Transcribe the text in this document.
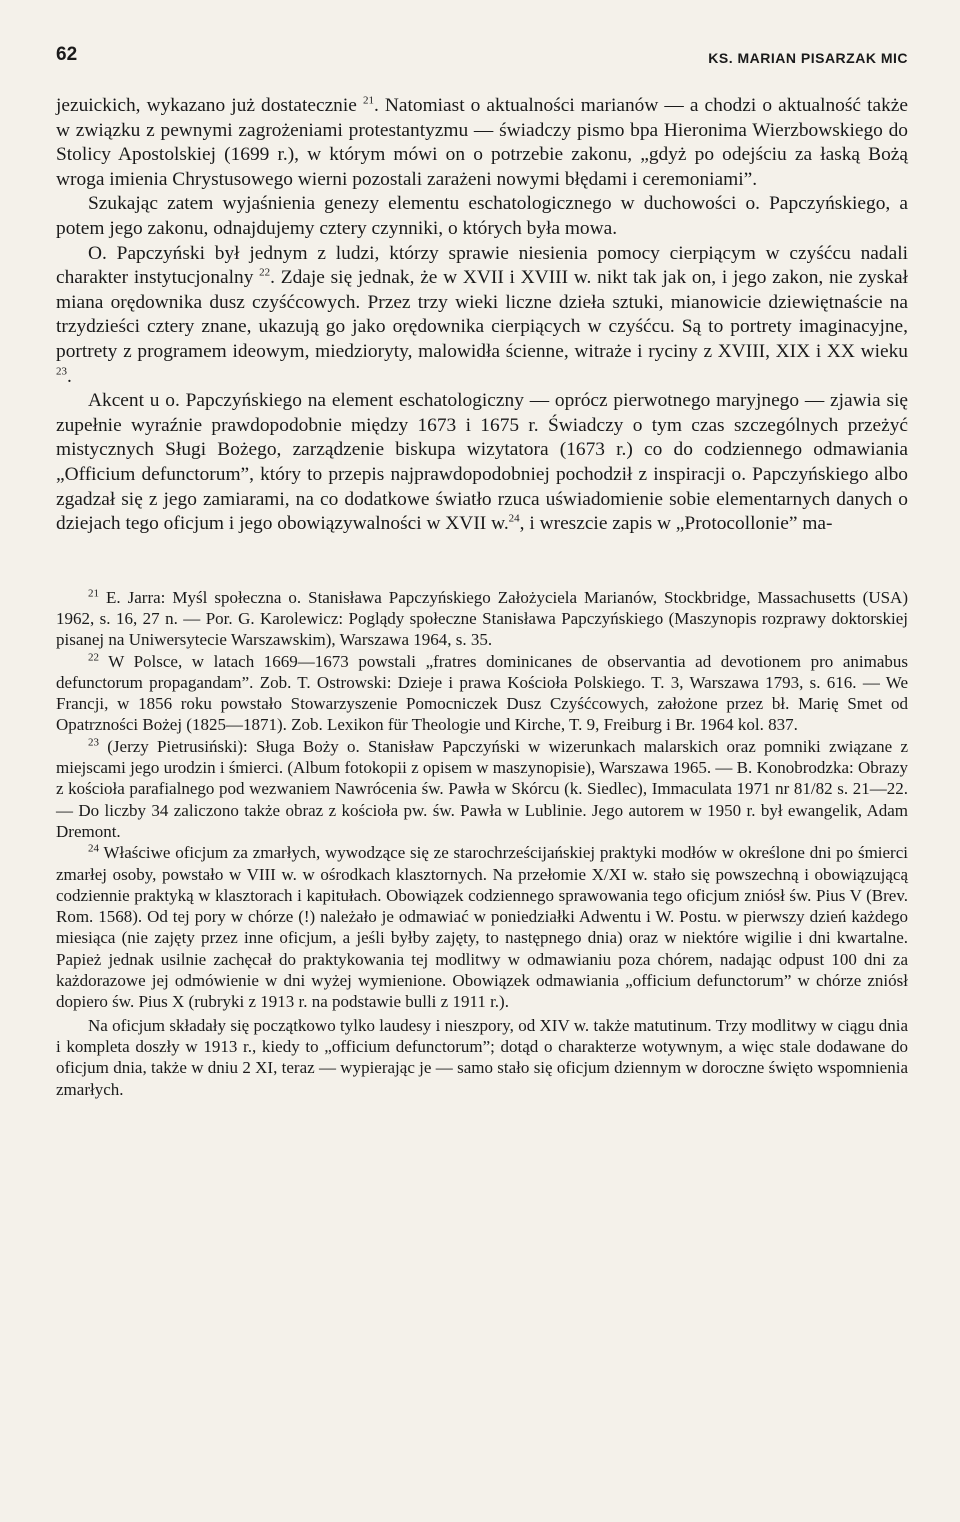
62	KS. MARIAN PISARZAK MIC

jezuickich, wykazano już dostatecznie $^{21}$. Natomiast o aktualności marianów — a chodzi o aktualność także w związku z pewnymi zagrożeniami protestantyzmu — świadczy pismo bpa Hieronima Wierzbowskiego do Stolicy Apostolskiej (1699 r.), w którym mówi on o potrzebie zakonu, „gdyż po odejściu za łaską Bożą wroga imienia Chrystusowego wierni pozostali zarażeni nowymi błędami i ceremoniami”.

Szukając zatem wyjaśnienia genezy elementu eschatologicznego w duchowości o. Papczyńskiego, a potem jego zakonu, odnajdujemy cztery czynniki, o których była mowa.

O. Papczyński był jednym z ludzi, którzy sprawie niesienia pomocy cierpiącym w czyśćcu nadali charakter instytucjonalny $^{22}$. Zdaje się jednak, że w XVII i XVIII w. nikt tak jak on, i jego zakon, nie zyskał miana orędownika dusz czyśćcowych. Przez trzy wieki liczne dzieła sztuki, mianowicie dziewiętnaście na trzydzieści cztery znane, ukazują go jako orędownika cierpiących w czyśćcu. Są to portrety imaginacyjne, portrety z programem ideowym, miedzioryty, malowidła ścienne, witraże i ryciny z XVIII, XIX i XX wieku $^{23}$.

Akcent u o. Papczyńskiego na element eschatologiczny — oprócz pierwotnego maryjnego — zjawia się zupełnie wyraźnie prawdopodobnie między 1673 i 1675 r. Świadczy o tym czas szczególnych przeżyć mistycznych Sługi Bożego, zarządzenie biskupa wizytatora (1673 r.) co do codziennego odmawiania „Officium defunctorum”, który to przepis najprawdopodobniej pochodził z inspiracji o. Papczyńskiego albo zgadzał się z jego zamiarami, na co dodatkowe światło rzuca uświadomienie sobie elementarnych danych o dziejach tego oficjum i jego obowiązywalności w XVII w.$^{24}$, i wreszcie zapis w „Protocollonie” ma-

$^{21}$ E. Jarra: Myśl społeczna o. Stanisława Papczyńskiego Założyciela Marianów, Stockbridge, Massachusetts (USA) 1962, s. 16, 27 n. — Por. G. Karolewicz: Poglądy społeczne Stanisława Papczyńskiego (Maszynopis rozprawy doktorskiej pisanej na Uniwersytecie Warszawskim), Warszawa 1964, s. 35.

$^{22}$ W Polsce, w latach 1669—1673 powstali „fratres dominicanes de observantia ad devotionem pro animabus defunctorum propagandam”. Zob. T. Ostrowski: Dzieje i prawa Kościoła Polskiego. T. 3, Warszawa 1793, s. 616. — We Francji, w 1856 roku powstało Stowarzyszenie Pomocniczek Dusz Czyśćcowych, założone przez bł. Marię Smet od Opatrzności Bożej (1825—1871). Zob. Lexikon für Theologie und Kirche, T. 9, Freiburg i Br. 1964 kol. 837.

$^{23}$ (Jerzy Pietrusiński): Sługa Boży o. Stanisław Papczyński w wizerunkach malarskich oraz pomniki związane z miejscami jego urodzin i śmierci. (Album fotokopii z opisem w maszynopisie), Warszawa 1965. — B. Konobrodzka: Obrazy z kościoła parafialnego pod wezwaniem Nawrócenia św. Pawła w Skórcu (k. Siedlec), Immaculata 1971 nr 81/82 s. 21—22. — Do liczby 34 zaliczono także obraz z kościoła pw. św. Pawła w Lublinie. Jego autorem w 1950 r. był ewangelik, Adam Dremont.

$^{24}$ Właściwe oficjum za zmarłych, wywodzące się ze starochrześcijańskiej praktyki modłów w określone dni po śmierci zmarłej osoby, powstało w VIII w. w ośrodkach klasztornych. Na przełomie X/XI w. stało się powszechną i obowiązującą codziennie praktyką w klasztorach i kapitułach. Obowiązek codziennego sprawowania tego oficjum zniósł św. Pius V (Brev. Rom. 1568). Od tej pory w chórze (!) należało je odmawiać w poniedziałki Adwentu i W. Postu. w pierwszy dzień każdego miesiąca (nie zajęty przez inne oficjum, a jeśli byłby zajęty, to następnego dnia) oraz w niektóre wigilie i dni kwartalne. Papież jednak usilnie zachęcał do praktykowania tej modlitwy w odmawianiu poza chórem, nadając odpust 100 dni za każdorazowe jej odmówienie w dni wyżej wymienione. Obowiązek odmawiania „officium defunctorum” w chórze zniósł dopiero św. Pius X (rubryki z 1913 r. na podstawie bulli z 1911 r.).

Na oficjum składały się początkowo tylko laudesy i nieszpory, od XIV w. także matutinum. Trzy modlitwy w ciągu dnia i kompleta doszły w 1913 r., kiedy to „officium defunctorum”; dotąd o charakterze wotywnym, a więc stale dodawane do oficjum dnia, także w dniu 2 XI, teraz — wypierając je — samo stało się oficjum dziennym w doroczne święto wspomnienia zmarłych.
